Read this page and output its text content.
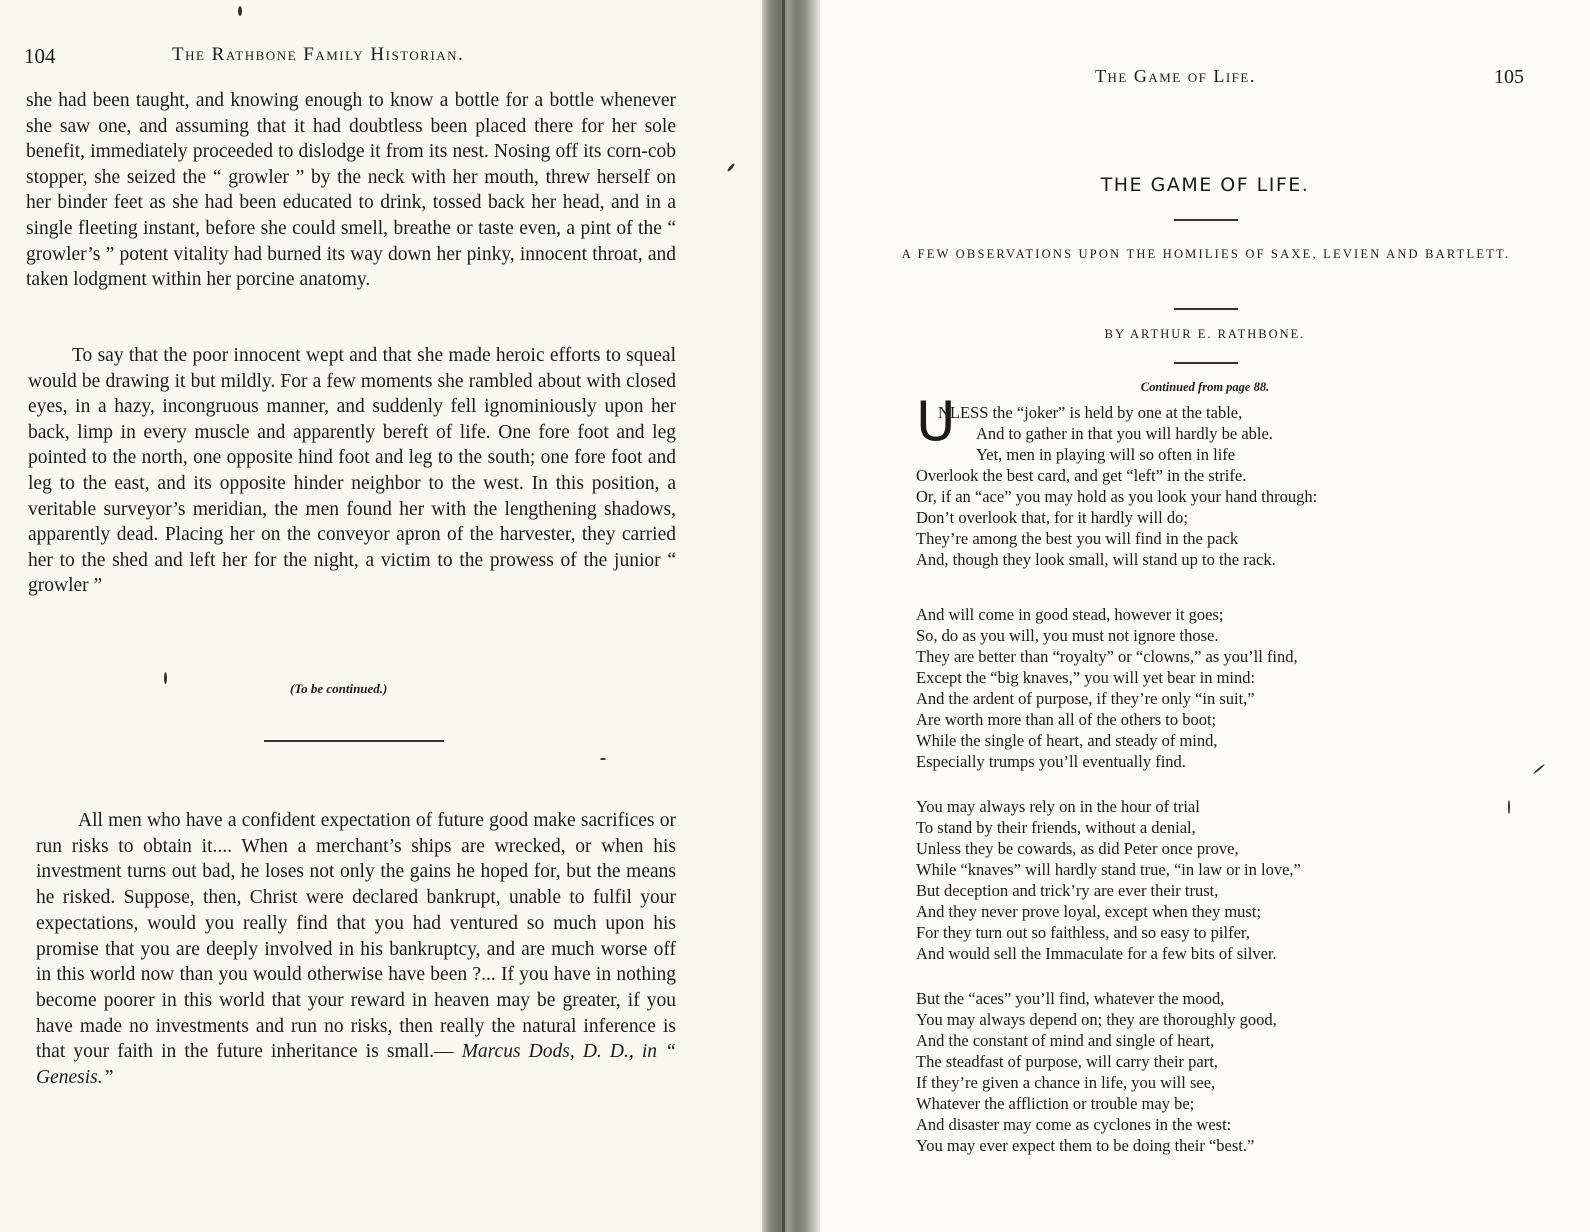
104	The Rathbone Family Historian.
she had been taught, and knowing enough to know a bottle for a bottle whenever she saw one, and assuming that it had doubtless been placed there for her sole benefit, immediately proceeded to dislodge it from its nest. Nosing off its corn-cob stopper, she seized the “ growler ” by the neck with her mouth, threw herself on her binder feet as she had been educated to drink, tossed back her head, and in a single fleeting instant, before she could smell, breathe or taste even, a pint of the “ growler’s ” potent vitality had burned its way down her pinky, innocent throat, and taken lodgment within her porcine anatomy.
To say that the poor innocent wept and that she made heroic efforts to squeal would be drawing it but mildly. For a few moments she rambled about with closed eyes, in a hazy, incongruous manner, and suddenly fell ignominiously upon her back, limp in every muscle and apparently bereft of life. One fore foot and leg pointed to the north, one opposite hind foot and leg to the south; one fore foot and leg to the east, and its opposite hinder neighbor to the west. In this position, a veritable surveyor’s meridian, the men found her with the lengthening shadows, apparently dead. Placing her on the conveyor apron of the harvester, they carried her to the shed and left her for the night, a victim to the prowess of the junior “ growler ”
(To be continued.)
All men who have a confident expectation of future good make sacrifices or run risks to obtain it.... When a merchant’s ships are wrecked, or when his investment turns out bad, he loses not only the gains he hoped for, but the means he risked. Suppose, then, Christ were declared bankrupt, unable to fulfil your expectations, would you really find that you had ventured so much upon his promise that you are deeply involved in his bankruptcy, and are much worse off in this world now than you would otherwise have been ?... If you have in nothing become poorer in this world that your reward in heaven may be greater, if you have made no investments and run no risks, then really the natural inference is that your faith in the future inheritance is small.— Marcus Dods, D. D., in “ Genesis.”
The Game of Life.	105
THE GAME OF LIFE.
A FEW OBSERVATIONS UPON THE HOMILIES OF SAXE, LEVIEN AND BARTLETT.
BY ARTHUR E. RATHBONE.
Continued from page 88.
U
NLESS the “joker” is held by one at the table,
And to gather in that you will hardly be able.
Yet, men in playing will so often in life
Overlook the best card, and get “left” in the strife.
Or, if an “ace” you may hold as you look your hand through:
Don’t overlook that, for it hardly will do;
They’re among the best you will find in the pack
And, though they look small, will stand up to the rack.
And will come in good stead, however it goes;
So, do as you will, you must not ignore those.
They are better than “royalty” or “clowns,” as you’ll find,
Except the “big knaves,” you will yet bear in mind:
And the ardent of purpose, if they’re only “in suit,”
Are worth more than all of the others to boot;
While the single of heart, and steady of mind,
Especially trumps you’ll eventually find.
You may always rely on in the hour of trial
To stand by their friends, without a denial,
Unless they be cowards, as did Peter once prove,
While “knaves” will hardly stand true, “in law or in love,”
But deception and trick’ry are ever their trust,
And they never prove loyal, except when they must;
For they turn out so faithless, and so easy to pilfer,
And would sell the Immaculate for a few bits of silver.
But the “aces” you’ll find, whatever the mood,
You may always depend on; they are thoroughly good,
And the constant of mind and single of heart,
The steadfast of purpose, will carry their part,
If they’re given a chance in life, you will see,
Whatever the affliction or trouble may be;
And disaster may come as cyclones in the west:
You may ever expect them to be doing their “best.”
